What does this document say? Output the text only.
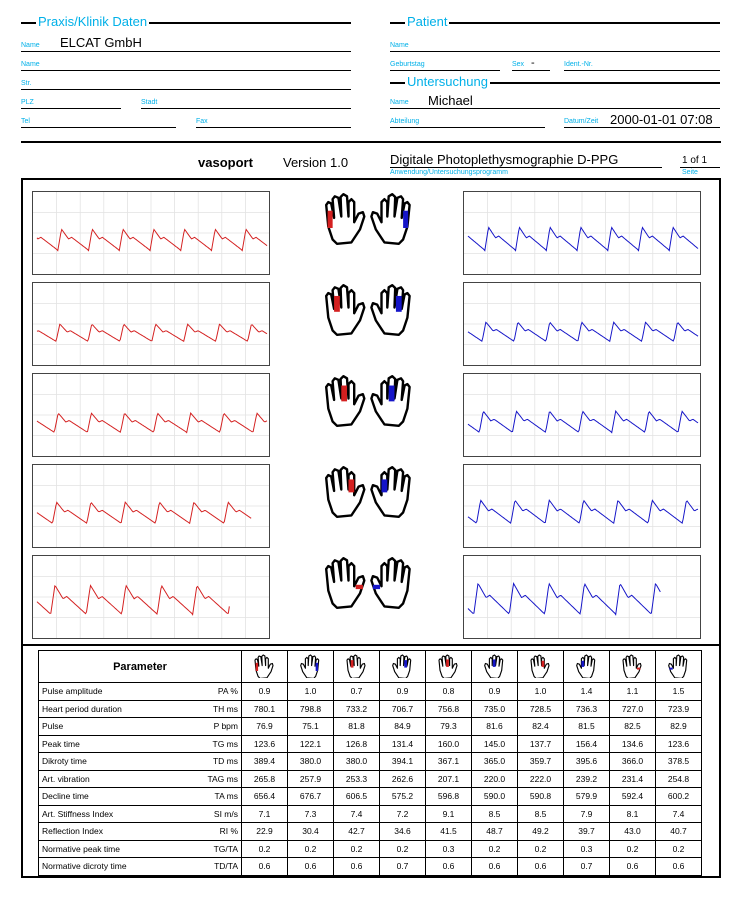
Praxis/Klinik Daten
Name ELCAT GmbH
Name
Str.
PLZ	Stadt
Tel	Fax
Patient
Name
Geburtstag	Sex -	Ident.-Nr.
Untersuchung
Name Michael
Abteilung	Datum/Zeit 2000-01-01 07:08
vasoport Version 1.0	Digitale Photoplethysmographie D-PPG
Anwendung/Untersuchungsprogramm
1 of 1
Seite
Parameter										

Pulse amplitude PA %	0.9	1.0	0.7	0.9	0.8	0.9	1.0	1.4	1.1	1.5

Heart period duration TH ms	780.1	798.8	733.2	706.7	756.8	735.0	728.5	736.3	727.0	723.9

Pulse P bpm	76.9	75.1	81.8	84.9	79.3	81.6	82.4	81.5	82.5	82.9

Peak time TG ms	123.6	122.1	126.8	131.4	160.0	145.0	137.7	156.4	134.6	123.6

Dikroty time TD ms	389.4	380.0	380.0	394.1	367.1	365.0	359.7	395.6	366.0	378.5

Art. vibration TAG ms	265.8	257.9	253.3	262.6	207.1	220.0	222.0	239.2	231.4	254.8

Decline time TA ms	656.4	676.7	606.5	575.2	596.8	590.0	590.8	579.9	592.4	600.2

Art. Stiffness Index SI m/s	7.1	7.3	7.4	7.2	9.1	8.5	8.5	7.9	8.1	7.4

Reflection Index RI %	22.9	30.4	42.7	34.6	41.5	48.7	49.2	39.7	43.0	40.7

Normative peak time TG/TA	0.2	0.2	0.2	0.2	0.3	0.2	0.2	0.3	0.2	0.2

Normative dicroty time TD/TA	0.6	0.6	0.6	0.7	0.6	0.6	0.6	0.7	0.6	0.6
